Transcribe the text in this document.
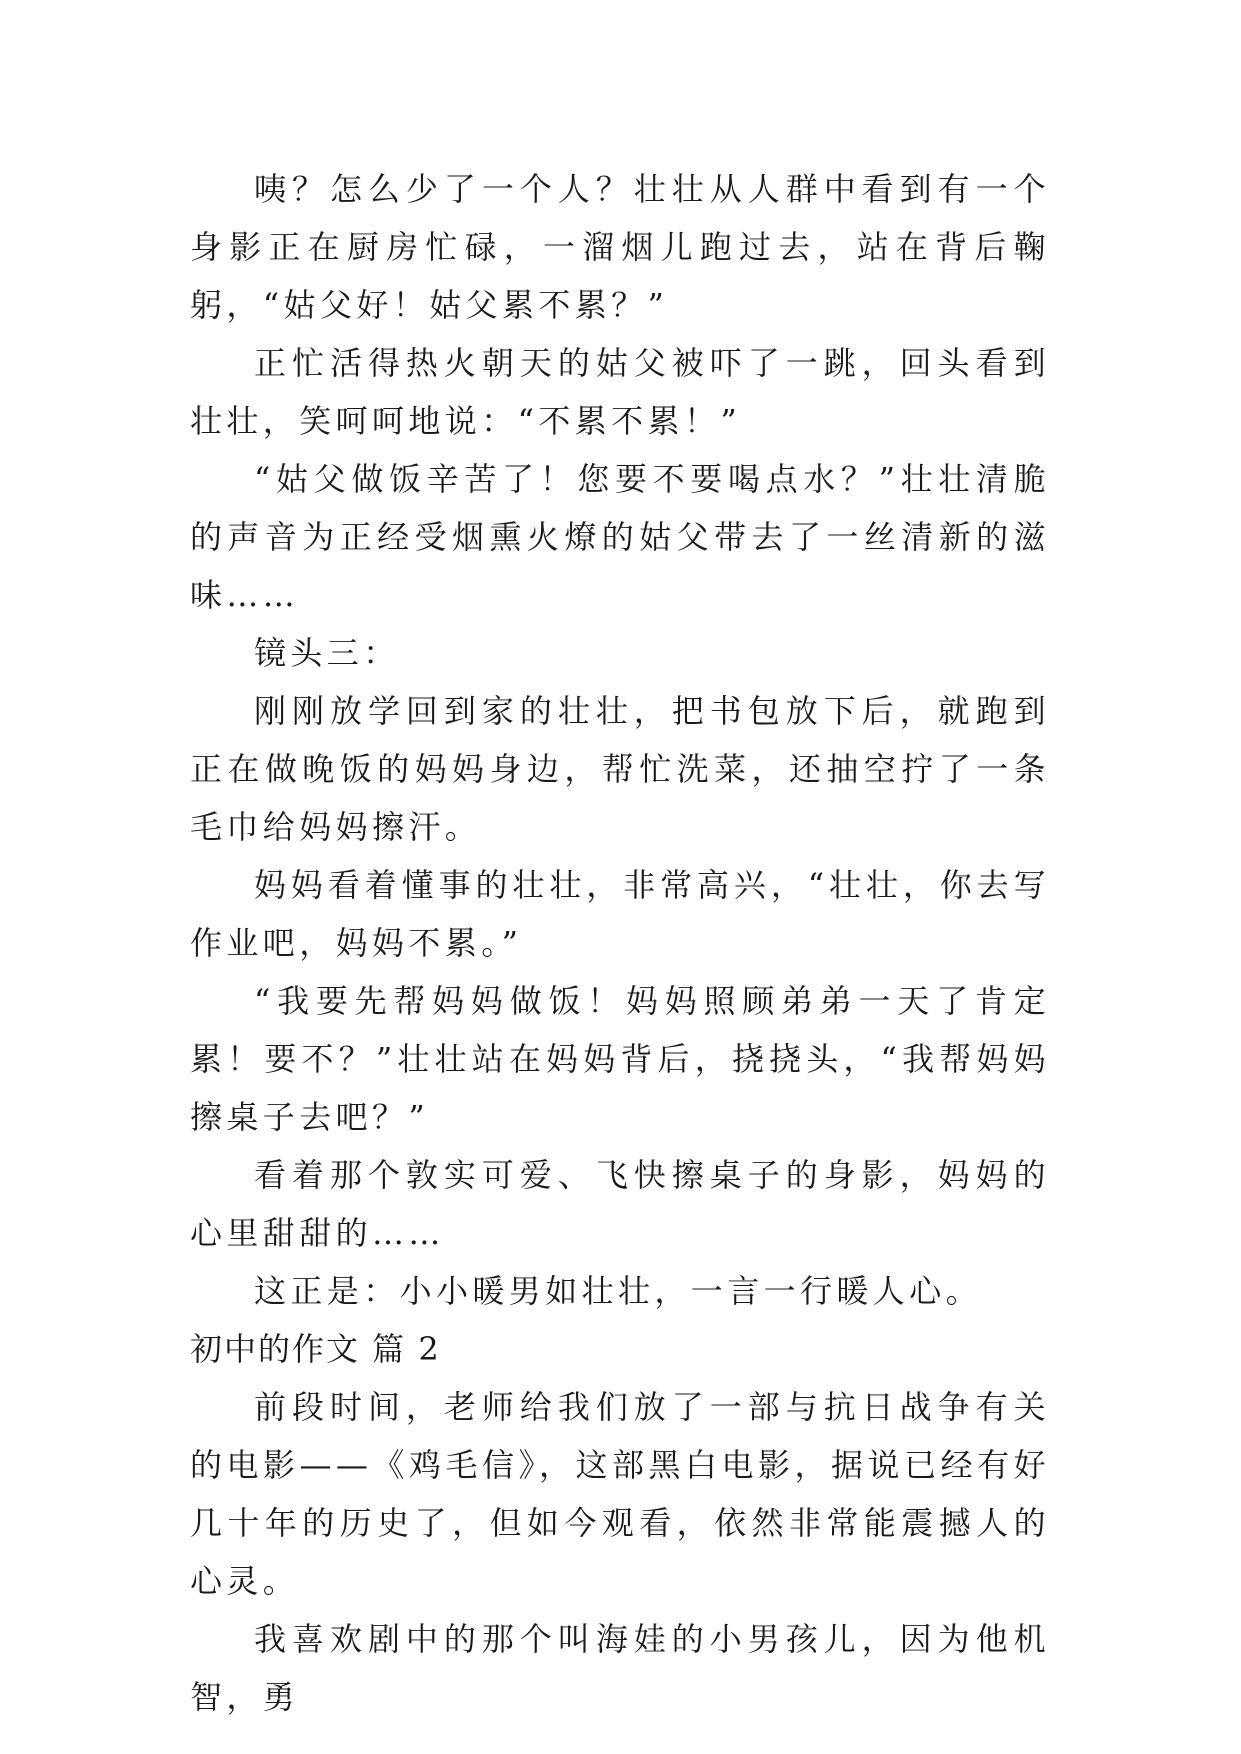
咦？怎么少了一个人？壮壮从人群中看到有一个身影正在厨房忙碌，一溜烟儿跑过去，站在背后鞠躬，“姑父好！姑父累不累？”

正忙活得热火朝天的姑父被吓了一跳，回头看到壮壮，笑呵呵地说：“不累不累！”

“姑父做饭辛苦了！您要不要喝点水？”壮壮清脆的声音为正经受烟熏火燎的姑父带去了一丝清新的滋味……

镜头三：

刚刚放学回到家的壮壮，把书包放下后，就跑到正在做晚饭的妈妈身边，帮忙洗菜，还抽空拧了一条毛巾给妈妈擦汗。

妈妈看着懂事的壮壮，非常高兴，“壮壮，你去写作业吧，妈妈不累。”

“我要先帮妈妈做饭！妈妈照顾弟弟一天了肯定累！要不？”壮壮站在妈妈背后，挠挠头，“我帮妈妈擦桌子去吧？”

看着那个敦实可爱、飞快擦桌子的身影，妈妈的心里甜甜的……

这正是：小小暖男如壮壮，一言一行暖人心。

初中的作文 篇 2

前段时间，老师给我们放了一部与抗日战争有关的电影——《鸡毛信》，这部黑白电影，据说已经有好几十年的历史了，但如今观看，依然非常能震撼人的心灵。

我喜欢剧中的那个叫海娃的小男孩儿，因为他机智，勇
